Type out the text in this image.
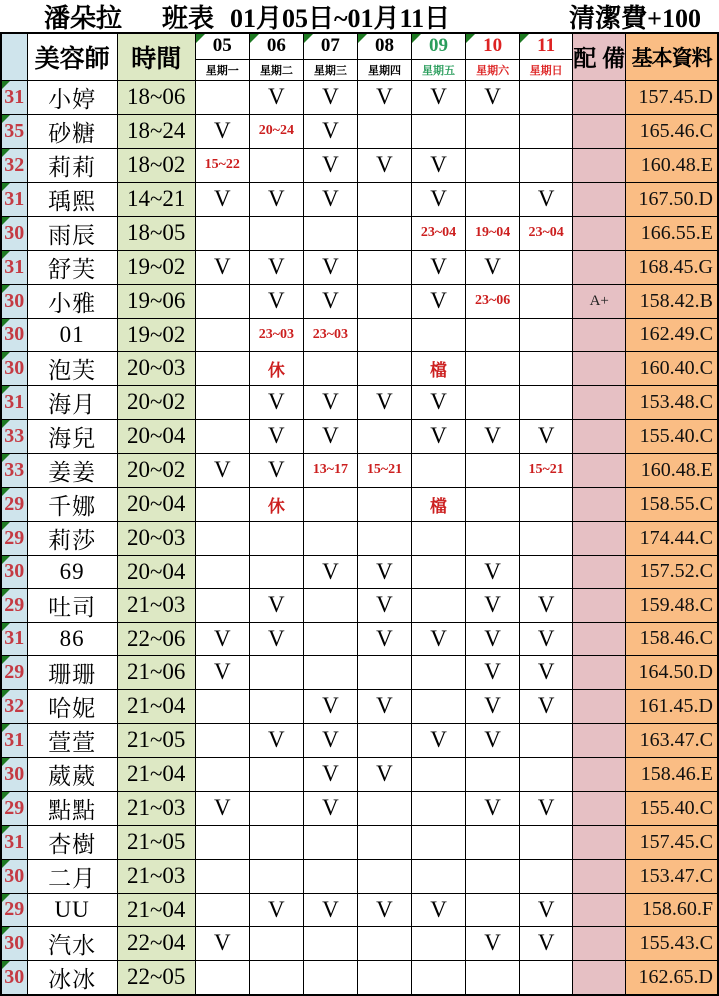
潘朵拉 班表 01月05日~01月11日	清潔費+100
	美容師	時間	05	06	07	08	09	10	11	配 備	基本資料
			星期一	星期二	星期三	星期四	星期五	星期六	星期日		
31	小婷	18~06		V	V	V	V	V			157.45.D
35	砂糖	18~24	V	20~24	V						165.46.C
32	莉莉	18~02	15~22		V	V	V				160.48.E
31	瑀熙	14~21	V	V	V		V		V		167.50.D
30	雨辰	18~05					23~04	19~04	23~04		166.55.E
31	舒芙	19~02	V	V	V		V	V			168.45.G
30	小雅	19~06		V	V		V	23~06		A+	158.42.B
30	01	19~02		23~03	23~03						162.49.C
30	泡芙	20~03		休			檔				160.40.C
31	海月	20~02		V	V	V	V				153.48.C
33	海兒	20~04		V	V		V	V	V		155.40.C
33	姜姜	20~02	V	V	13~17	15~21			15~21		160.48.E
29	千娜	20~04		休			檔				158.55.C
29	莉莎	20~03									174.44.C
30	69	20~04			V	V		V			157.52.C
29	吐司	21~03		V		V		V	V		159.48.C
31	86	22~06	V	V		V	V	V	V		158.46.C
29	珊珊	21~06	V					V	V		164.50.D
32	哈妮	21~04			V	V		V	V		161.45.D
31	萱萱	21~05		V	V		V	V			163.47.C
30	葳葳	21~04			V	V					158.46.E
29	點點	21~03	V		V			V	V		155.40.C
31	杏樹	21~05									157.45.C
30	二月	21~03									153.47.C
29	UU	21~04		V	V	V	V		V		158.60.F
30	汽水	22~04	V					V	V		155.43.C
30	冰冰	22~05									162.65.D
